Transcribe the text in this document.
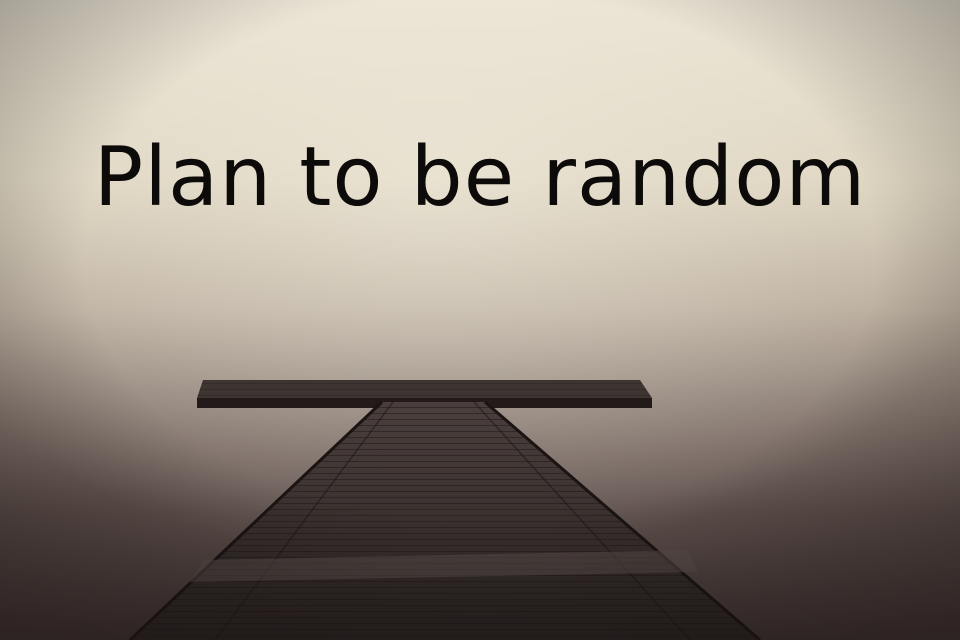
Plan to be random
